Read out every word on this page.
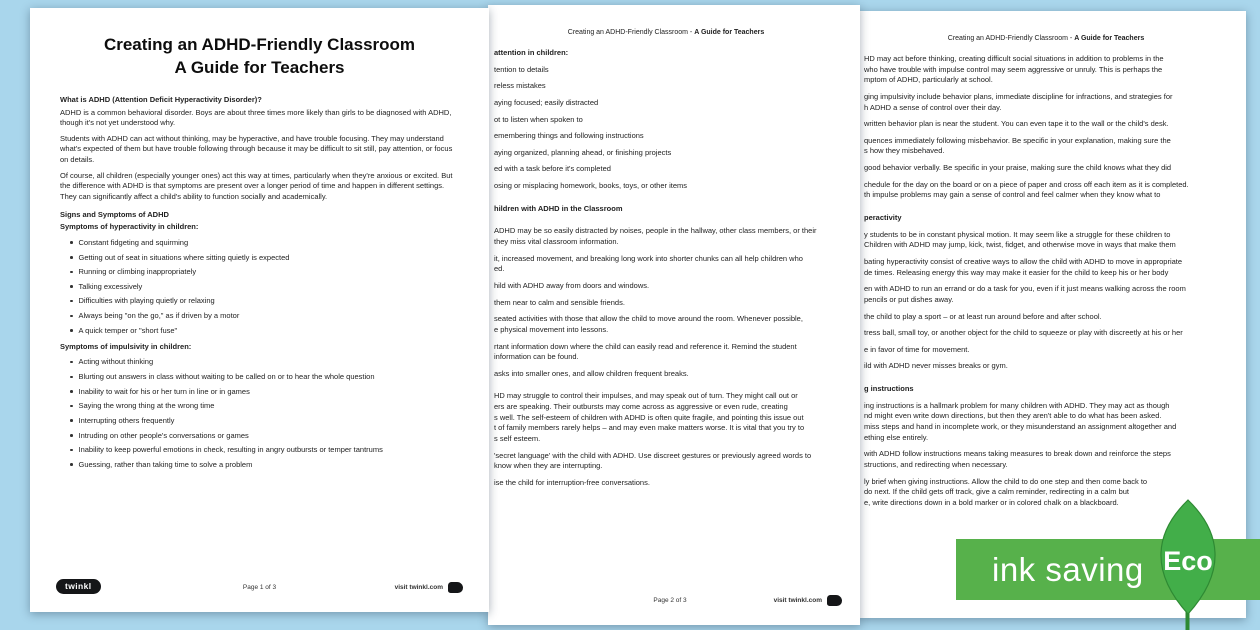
Creating an ADHD-Friendly Classroom
A Guide for Teachers
What is ADHD (Attention Deficit Hyperactivity Disorder)?
ADHD is a common behavioral disorder. Boys are about three times more likely than girls to be diagnosed with ADHD, though it's not yet understood why.
Students with ADHD can act without thinking, may be hyperactive, and have trouble focusing. They may understand what's expected of them but have trouble following through because it may be difficult to sit still, pay attention, or focus on details.
Of course, all children (especially younger ones) act this way at times, particularly when they're anxious or excited. But the difference with ADHD is that symptoms are present over a longer period of time and happen in different settings. They can significantly affect a child's ability to function socially and academically.
Signs and Symptoms of ADHD
Symptoms of hyperactivity in children:
Constant fidgeting and squirming
Getting out of seat in situations where sitting quietly is expected
Running or climbing inappropriately
Talking excessively
Difficulties with playing quietly or relaxing
Always being "on the go," as if driven by a motor
A quick temper or "short fuse"
Symptoms of impulsivity in children:
Acting without thinking
Blurting out answers in class without waiting to be called on or to hear the whole question
Inability to wait for his or her turn in line or in games
Saying the wrong thing at the wrong time
Interrupting others frequently
Intruding on other people's conversations or games
Inability to keep powerful emotions in check, resulting in angry outbursts or temper tantrums
Guessing, rather than taking time to solve a problem
twinkl	Page 1 of 3	visit twinkl.com
Creating an ADHD-Friendly Classroom - A Guide for Teachers
attention in children:
tention to details
reless mistakes
aying focused; easily distracted
ot to listen when spoken to
emembering things and following instructions
aying organized, planning ahead, or finishing projects
ed with a task before it's completed
osing or misplacing homework, books, toys, or other items
hildren with ADHD in the Classroom
ADHD may be so easily distracted by noises, people in the hallway, other class members, or their
they miss vital classroom information.
it, increased movement, and breaking long work into shorter chunks can all help children who
ed.
hild with ADHD away from doors and windows.
them near to calm and sensible friends.
seated activities with those that allow the child to move around the room. Whenever possible,
e physical movement into lessons.
rtant information down where the child can easily read and reference it. Remind the student
information can be found.
asks into smaller ones, and allow children frequent breaks.
HD may struggle to control their impulses, and may speak out of turn. They might call out or
ers are speaking. Their outbursts may come across as aggressive or even rude, creating
s well. The self-esteem of children with ADHD is often quite fragile, and pointing this issue out
t of family members rarely helps – and may even make matters worse. It is vital that you try to
s self esteem.
'secret language' with the child with ADHD. Use discreet gestures or previously agreed words to
know when they are interrupting.
ise the child for interruption-free conversations.
Page 2 of 3	visit twinkl.com
Creating an ADHD-Friendly Classroom - A Guide for Teachers
HD may act before thinking, creating difficult social situations in addition to problems in the
who have trouble with impulse control may seem aggressive or unruly. This is perhaps the
mptom of ADHD, particularly at school.
ging impulsivity include behavior plans, immediate discipline for infractions, and strategies for
h ADHD a sense of control over their day.
written behavior plan is near the student. You can even tape it to the wall or the child's desk.
quences immediately following misbehavior. Be specific in your explanation, making sure the
s how they misbehaved.
good behavior verbally. Be specific in your praise, making sure the child knows what they did
chedule for the day on the board or on a piece of paper and cross off each item as it is completed.
th impulse problems may gain a sense of control and feel calmer when they know what to
peractivity
y students to be in constant physical motion. It may seem like a struggle for these children to
Children with ADHD may jump, kick, twist, fidget, and otherwise move in ways that make them
bating hyperactivity consist of creative ways to allow the child with ADHD to move in appropriate
de times. Releasing energy this way may make it easier for the child to keep his or her body
en with ADHD to run an errand or do a task for you, even if it just means walking across the room
pencils or put dishes away.
the child to play a sport – or at least run around before and after school.
tress ball, small toy, or another object for the child to squeeze or play with discreetly at his or her
e in favor of time for movement.
ild with ADHD never misses breaks or gym.
g instructions
ing instructions is a hallmark problem for many children with ADHD. They may act as though
nd might even write down directions, but then they aren't able to do what has been asked.
miss steps and hand in incomplete work, or they misunderstand an assignment altogether and
ething else entirely.
with ADHD follow instructions means taking measures to break down and reinforce the steps
structions, and redirecting when necessary.
ly brief when giving instructions. Allow the child to do one step and then come back to
do next. If the child gets off track, give a calm reminder, redirecting in a calm but
e, write directions down in a bold marker or in colored chalk on a blackboard.
ink saving Eco
